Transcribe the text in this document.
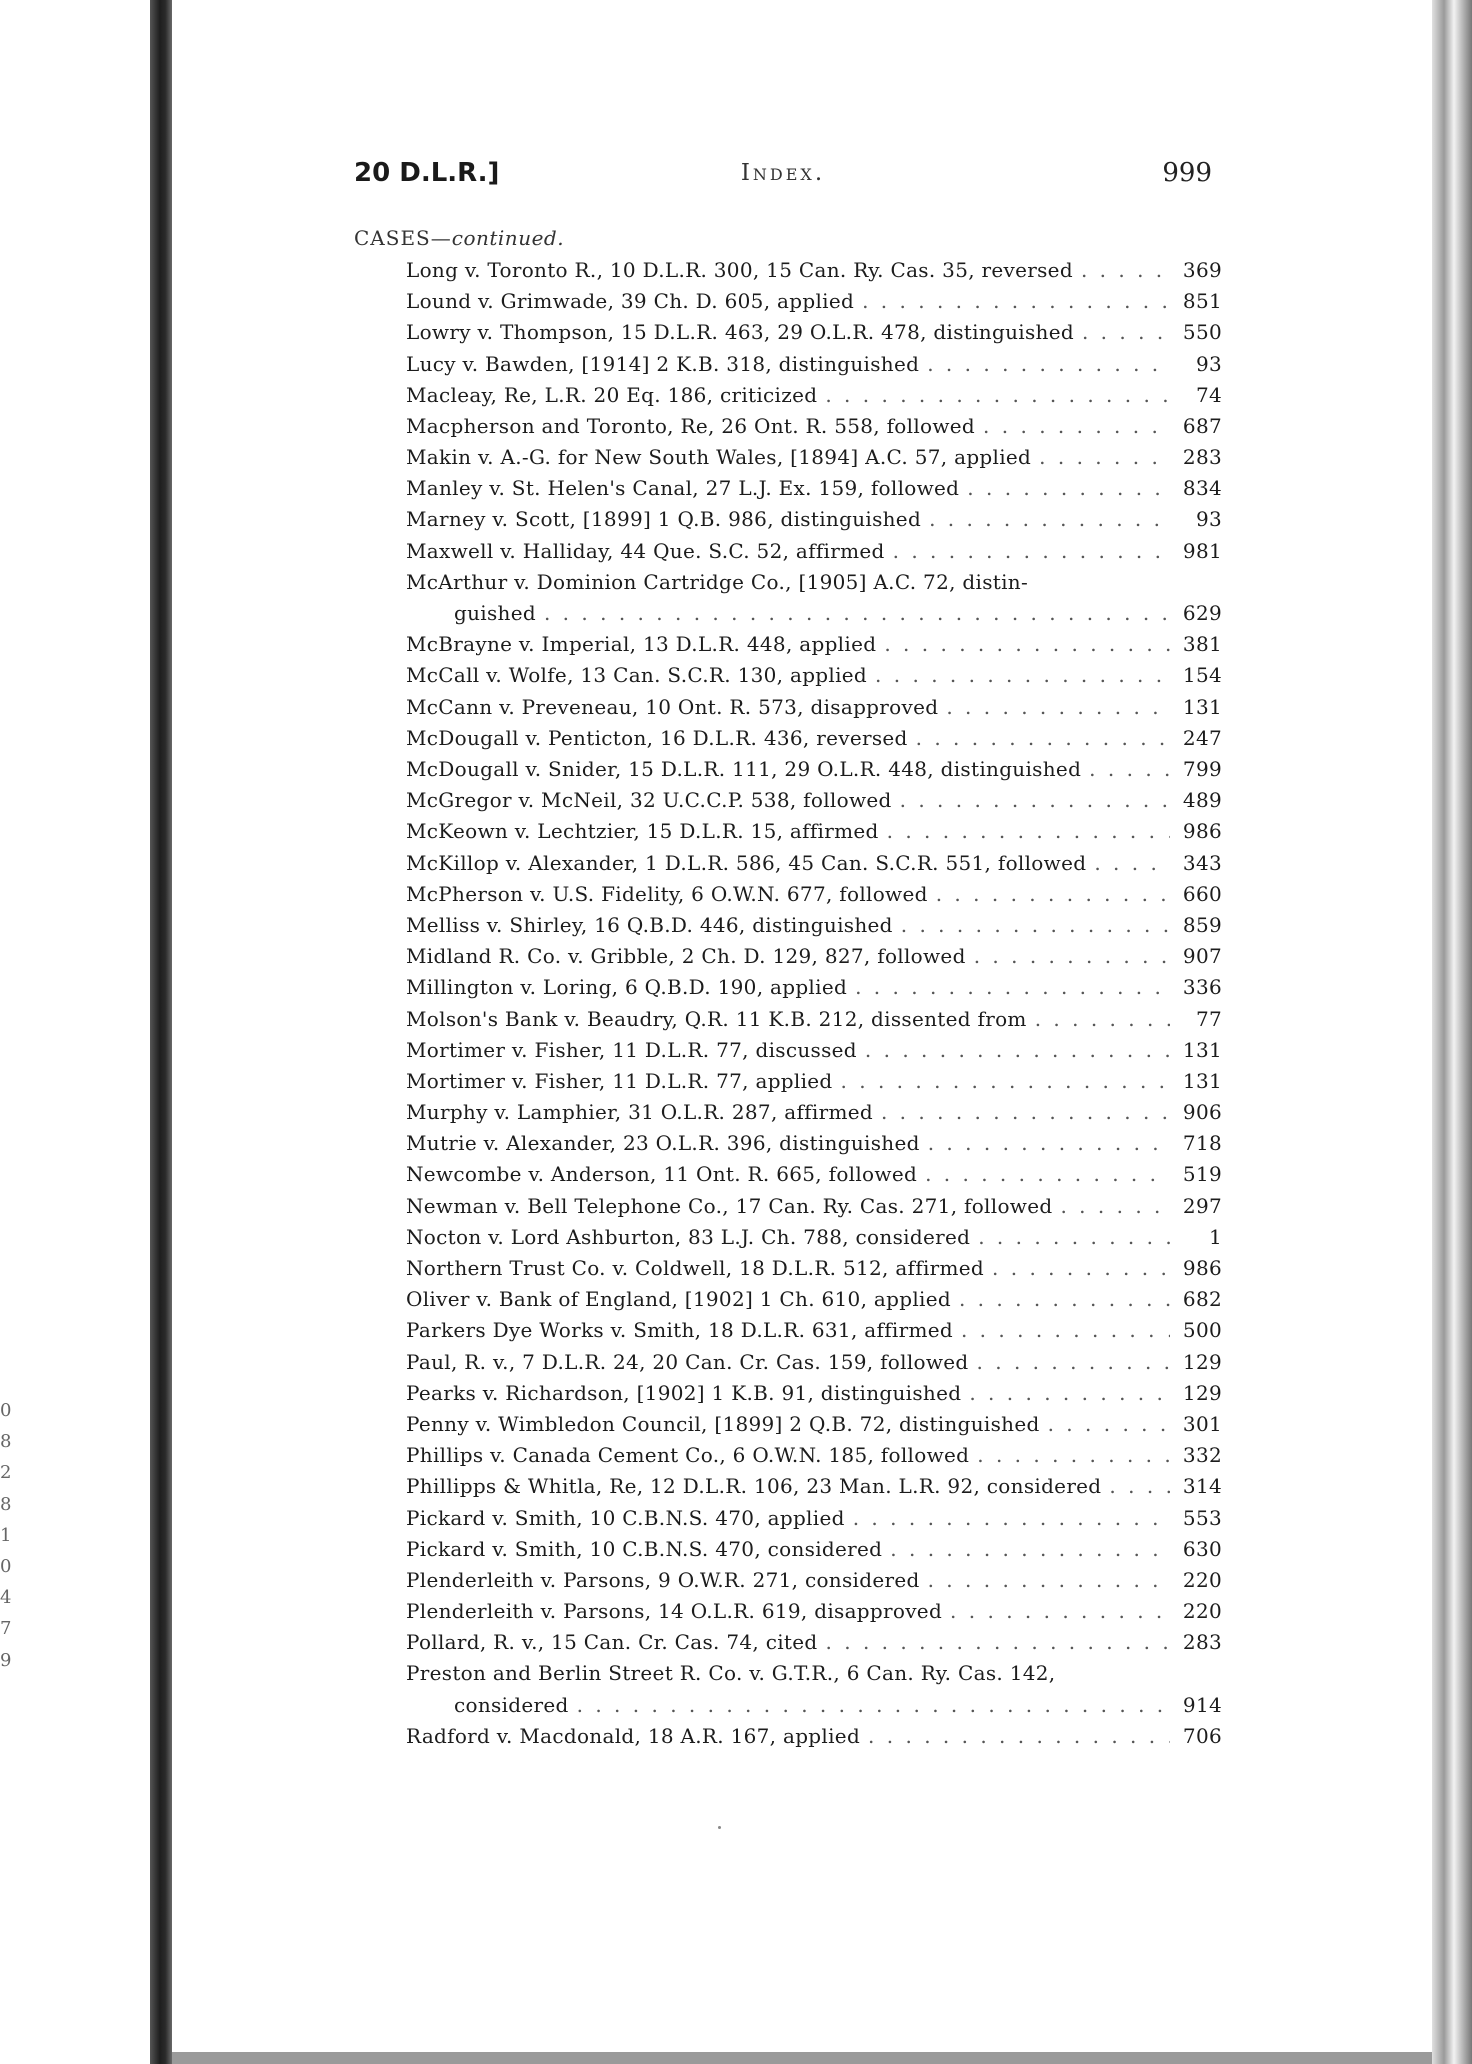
0
8
2
8
1
0
4
7
9
20 D.L.R.]	Index.	999
CASES—continued.
Long v. Toronto R., 10 D.L.R. 300, 15 Can. Ry. Cas. 35, reversed . . .	369
Lound v. Grimwade, 39 Ch. D. 605, applied . . .	851
Lowry v. Thompson, 15 D.L.R. 463, 29 O.L.R. 478, distinguished . . .	550
Lucy v. Bawden, [1914] 2 K.B. 318, distinguished . . .	93
Macleay, Re, L.R. 20 Eq. 186, criticized . . .	74
Macpherson and Toronto, Re, 26 Ont. R. 558, followed . . .	687
Makin v. A.-G. for New South Wales, [1894] A.C. 57, applied . . .	283
Manley v. St. Helen's Canal, 27 L.J. Ex. 159, followed . . .	834
Marney v. Scott, [1899] 1 Q.B. 986, distinguished . . .	93
Maxwell v. Halliday, 44 Que. S.C. 52, affirmed . . .	981
McArthur v. Dominion Cartridge Co., [1905] A.C. 72, distin-
guished . . .	629
McBrayne v. Imperial, 13 D.L.R. 448, applied . . .	381
McCall v. Wolfe, 13 Can. S.C.R. 130, applied . . .	154
McCann v. Preveneau, 10 Ont. R. 573, disapproved . . .	131
McDougall v. Penticton, 16 D.L.R. 436, reversed . . .	247
McDougall v. Snider, 15 D.L.R. 111, 29 O.L.R. 448, distinguished . . .	799
McGregor v. McNeil, 32 U.C.C.P. 538, followed . . .	489
McKeown v. Lechtzier, 15 D.L.R. 15, affirmed . . .	986
McKillop v. Alexander, 1 D.L.R. 586, 45 Can. S.C.R. 551, followed . . .	343
McPherson v. U.S. Fidelity, 6 O.W.N. 677, followed . . .	660
Melliss v. Shirley, 16 Q.B.D. 446, distinguished . . .	859
Midland R. Co. v. Gribble, 2 Ch. D. 129, 827, followed . . .	907
Millington v. Loring, 6 Q.B.D. 190, applied . . .	336
Molson's Bank v. Beaudry, Q.R. 11 K.B. 212, dissented from . . .	77
Mortimer v. Fisher, 11 D.L.R. 77, discussed . . .	131
Mortimer v. Fisher, 11 D.L.R. 77, applied . . .	131
Murphy v. Lamphier, 31 O.L.R. 287, affirmed . . .	906
Mutrie v. Alexander, 23 O.L.R. 396, distinguished . . .	718
Newcombe v. Anderson, 11 Ont. R. 665, followed . . .	519
Newman v. Bell Telephone Co., 17 Can. Ry. Cas. 271, followed . . .	297
Nocton v. Lord Ashburton, 83 L.J. Ch. 788, considered . . .	1
Northern Trust Co. v. Coldwell, 18 D.L.R. 512, affirmed . . .	986
Oliver v. Bank of England, [1902] 1 Ch. 610, applied . . .	682
Parkers Dye Works v. Smith, 18 D.L.R. 631, affirmed . . .	500
Paul, R. v., 7 D.L.R. 24, 20 Can. Cr. Cas. 159, followed . . .	129
Pearks v. Richardson, [1902] 1 K.B. 91, distinguished . . .	129
Penny v. Wimbledon Council, [1899] 2 Q.B. 72, distinguished . . .	301
Phillips v. Canada Cement Co., 6 O.W.N. 185, followed . . .	332
Phillipps & Whitla, Re, 12 D.L.R. 106, 23 Man. L.R. 92, considered . . .	314
Pickard v. Smith, 10 C.B.N.S. 470, applied . . .	553
Pickard v. Smith, 10 C.B.N.S. 470, considered . . .	630
Plenderleith v. Parsons, 9 O.W.R. 271, considered . . .	220
Plenderleith v. Parsons, 14 O.L.R. 619, disapproved . . .	220
Pollard, R. v., 15 Can. Cr. Cas. 74, cited . . .	283
Preston and Berlin Street R. Co. v. G.T.R., 6 Can. Ry. Cas. 142,
considered . . .	914
Radford v. Macdonald, 18 A.R. 167, applied . . .	706
